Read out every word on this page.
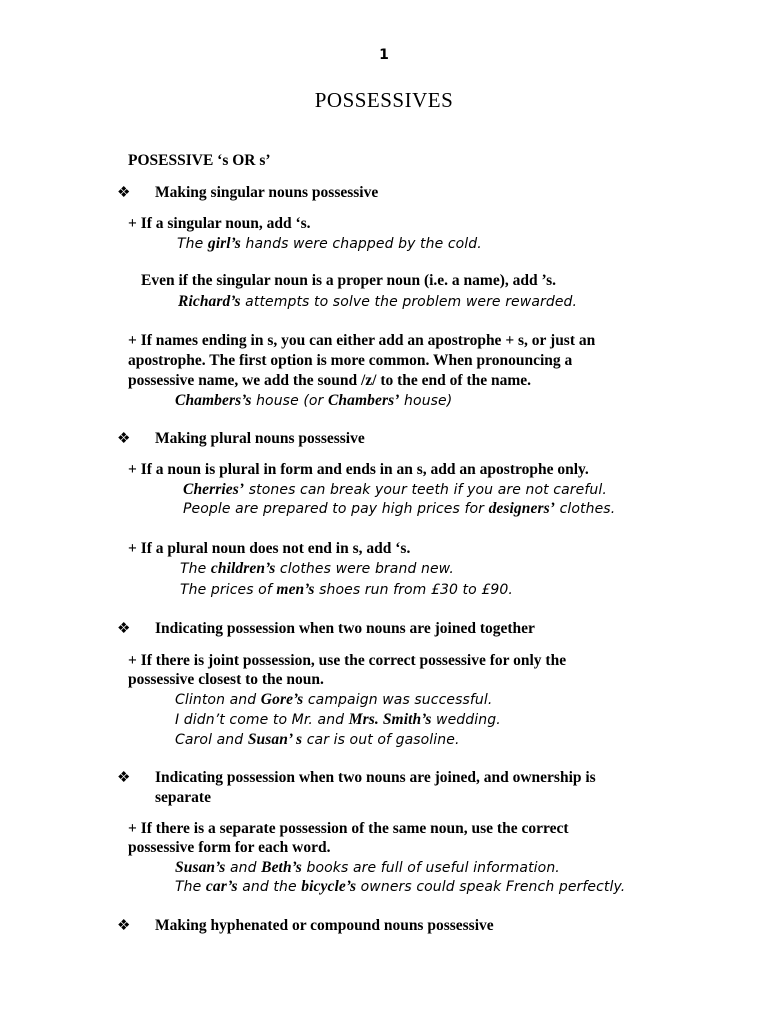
1
POSSESSIVES
POSESSIVE ‘s OR s’
❖ Making singular nouns possessive
+ If a singular noun, add ‘s.
The girl’s hands were chapped by the cold.
Even if the singular noun is a proper noun (i.e. a name), add ’s.
Richard’s attempts to solve the problem were rewarded.
+ If names ending in s, you can either add an apostrophe + s, or just an
apostrophe. The first option is more common. When pronouncing a
possessive name, we add the sound /z/ to the end of the name.
Chambers’s house (or Chambers’ house)
❖ Making plural nouns possessive
+ If a noun is plural in form and ends in an s, add an apostrophe only.
Cherries’ stones can break your teeth if you are not careful.
People are prepared to pay high prices for designers’ clothes.
+ If a plural noun does not end in s, add ‘s.
The children’s clothes were brand new.
The prices of men’s shoes run from £30 to £90.
❖ Indicating possession when two nouns are joined together
+ If there is joint possession, use the correct possessive for only the
possessive closest to the noun.
Clinton and Gore’s campaign was successful.
I didn’t come to Mr. and Mrs. Smith’s wedding.
Carol and Susan’ s car is out of gasoline.
❖ Indicating possession when two nouns are joined, and ownership is
separate
+ If there is a separate possession of the same noun, use the correct
possessive form for each word.
Susan’s and Beth’s books are full of useful information.
The car’s and the bicycle’s owners could speak French perfectly.
❖ Making hyphenated or compound nouns possessive
